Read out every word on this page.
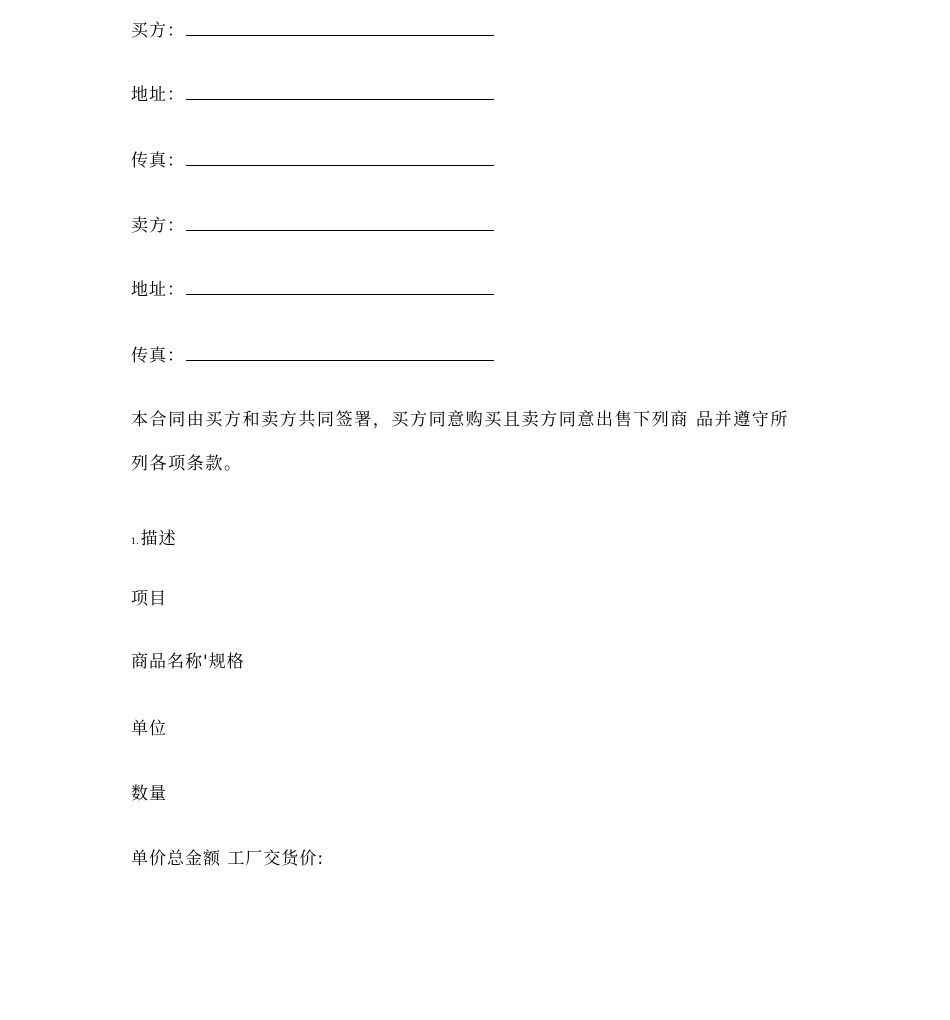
买方：
地址：
传真：
卖方：
地址：
传真：
本合同由买方和卖方共同签署，买方同意购买且卖方同意出售下列商 品并遵守所列各项条款。
1. 描述
项目
商品名称'规格
单位
数量
单价总金额 工厂交货价:
